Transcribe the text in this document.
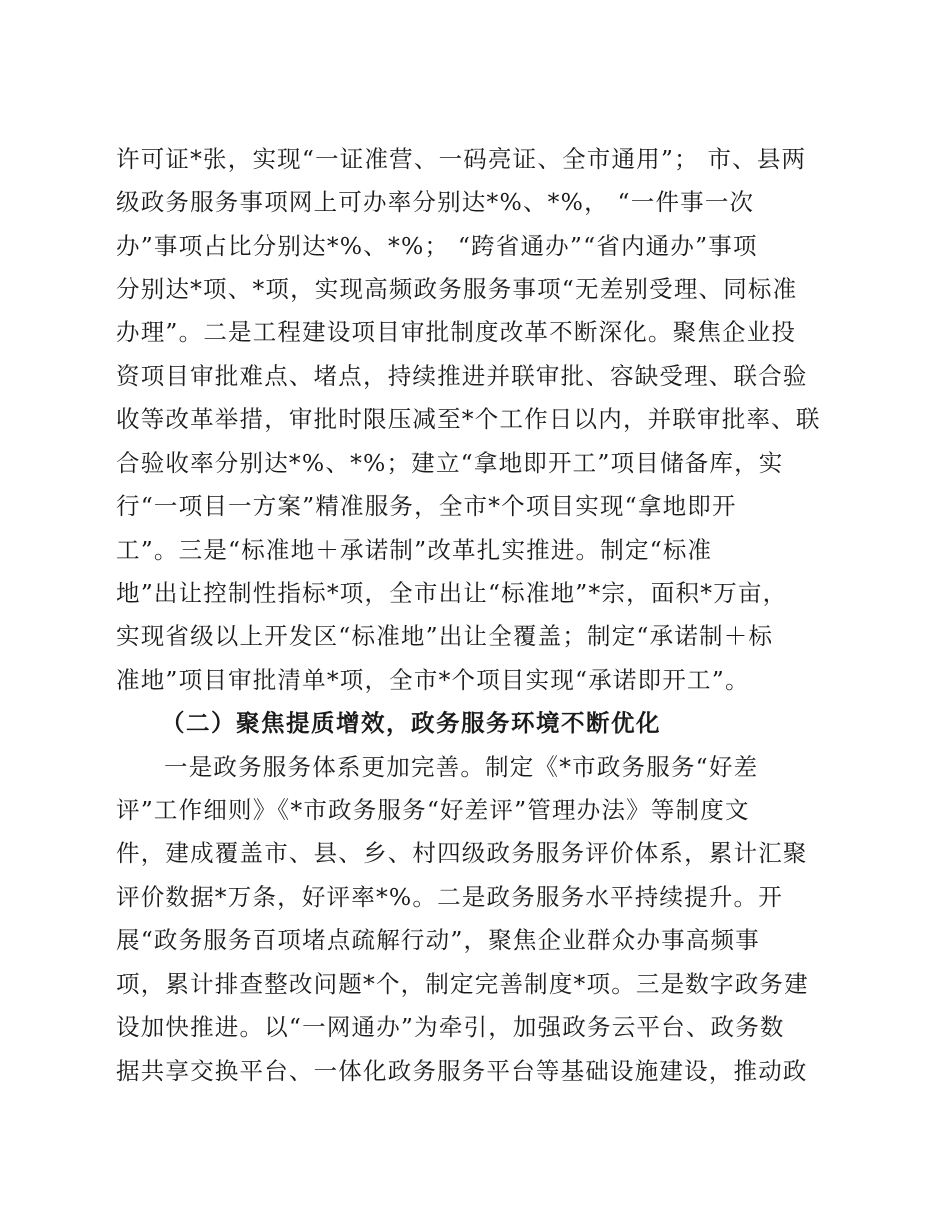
许可证*张，实现“一证准营、一码亮证、全市通用”； 市、县两
级政务服务事项网上可办率分别达*%、*%， “一件事一次
办”事项占比分别达*%、*%； “跨省通办”“省内通办”事项
分别达*项、*项，实现高频政务服务事项“无差别受理、同标准
办理”。二是工程建设项目审批制度改革不断深化。聚焦企业投
资项目审批难点、堵点，持续推进并联审批、容缺受理、联合验
收等改革举措，审批时限压减至*个工作日以内，并联审批率、联
合验收率分别达*%、*%；建立“拿地即开工”项目储备库，实
行“一项目一方案”精准服务，全市*个项目实现“拿地即开
工”。三是“标准地＋承诺制”改革扎实推进。制定“标准
地”出让控制性指标*项，全市出让“标准地”*宗，面积*万亩，
实现省级以上开发区“标准地”出让全覆盖；制定“承诺制＋标
准地”项目审批清单*项，全市*个项目实现“承诺即开工”。
（二）聚焦提质增效，政务服务环境不断优化
一是政务服务体系更加完善。制定《*市政务服务“好差
评”工作细则》《*市政务服务“好差评”管理办法》等制度文
件，建成覆盖市、县、乡、村四级政务服务评价体系，累计汇聚
评价数据*万条，好评率*%。二是政务服务水平持续提升。开
展“政务服务百项堵点疏解行动”，聚焦企业群众办事高频事
项，累计排查整改问题*个，制定完善制度*项。三是数字政务建
设加快推进。以“一网通办”为牵引，加强政务云平台、政务数
据共享交换平台、一体化政务服务平台等基础设施建设，推动政
